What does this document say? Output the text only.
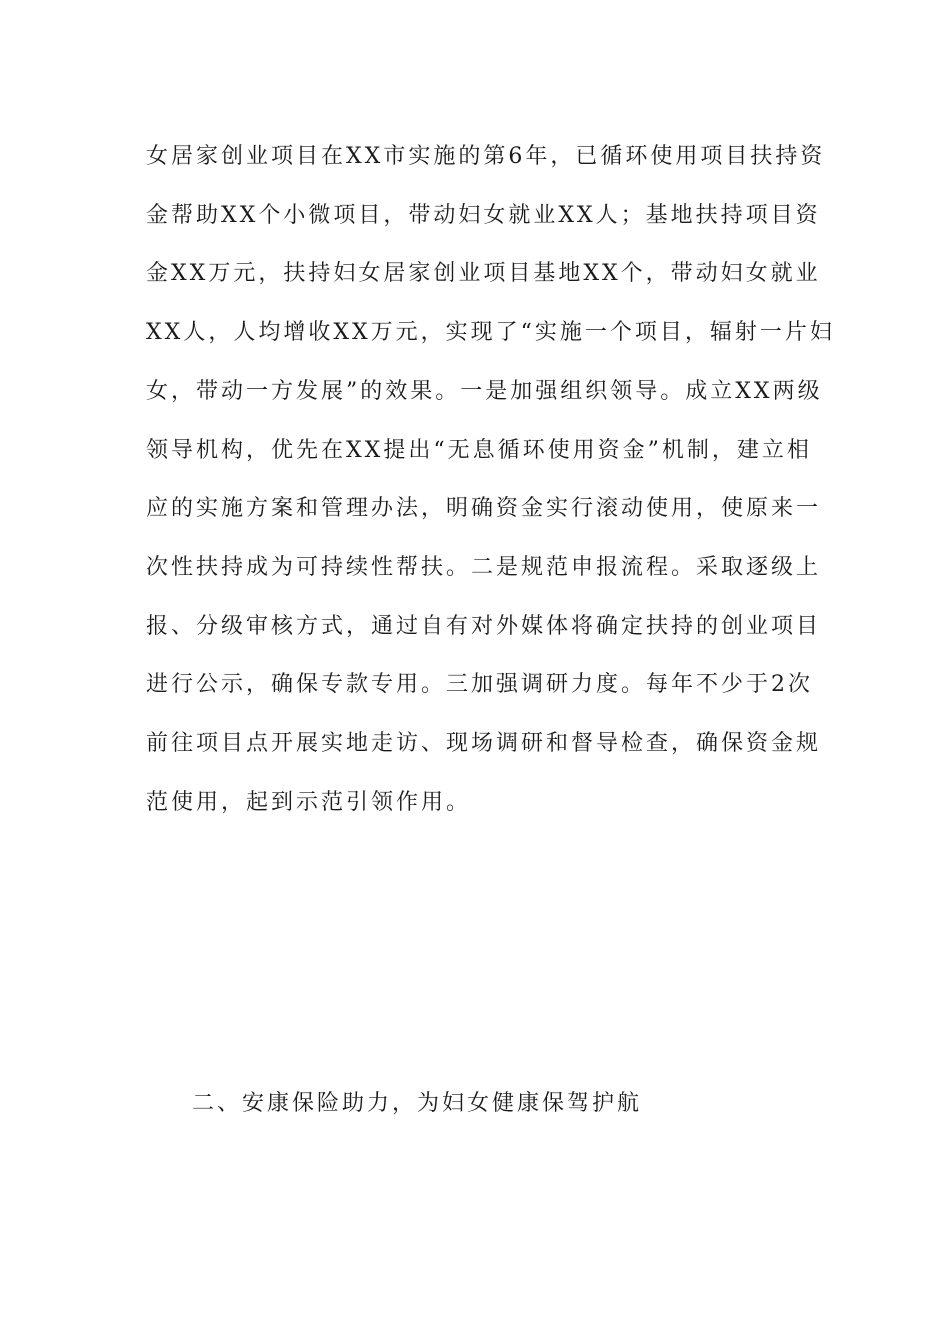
女居家创业项目在XX市实施的第6年，已循环使用项目扶持资
金帮助XX个小微项目，带动妇女就业XX人；基地扶持项目资
金XX万元，扶持妇女居家创业项目基地XX个，带动妇女就业
XX人，人均增收XX万元，实现了“实施一个项目，辐射一片妇
女，带动一方发展”的效果。一是加强组织领导。成立XX两级
领导机构，优先在XX提出“无息循环使用资金”机制，建立相
应的实施方案和管理办法，明确资金实行滚动使用，使原来一
次性扶持成为可持续性帮扶。二是规范申报流程。采取逐级上
报、分级审核方式，通过自有对外媒体将确定扶持的创业项目
进行公示，确保专款专用。三加强调研力度。每年不少于2次
前往项目点开展实地走访、现场调研和督导检查，确保资金规
范使用，起到示范引领作用。
二、安康保险助力，为妇女健康保驾护航
